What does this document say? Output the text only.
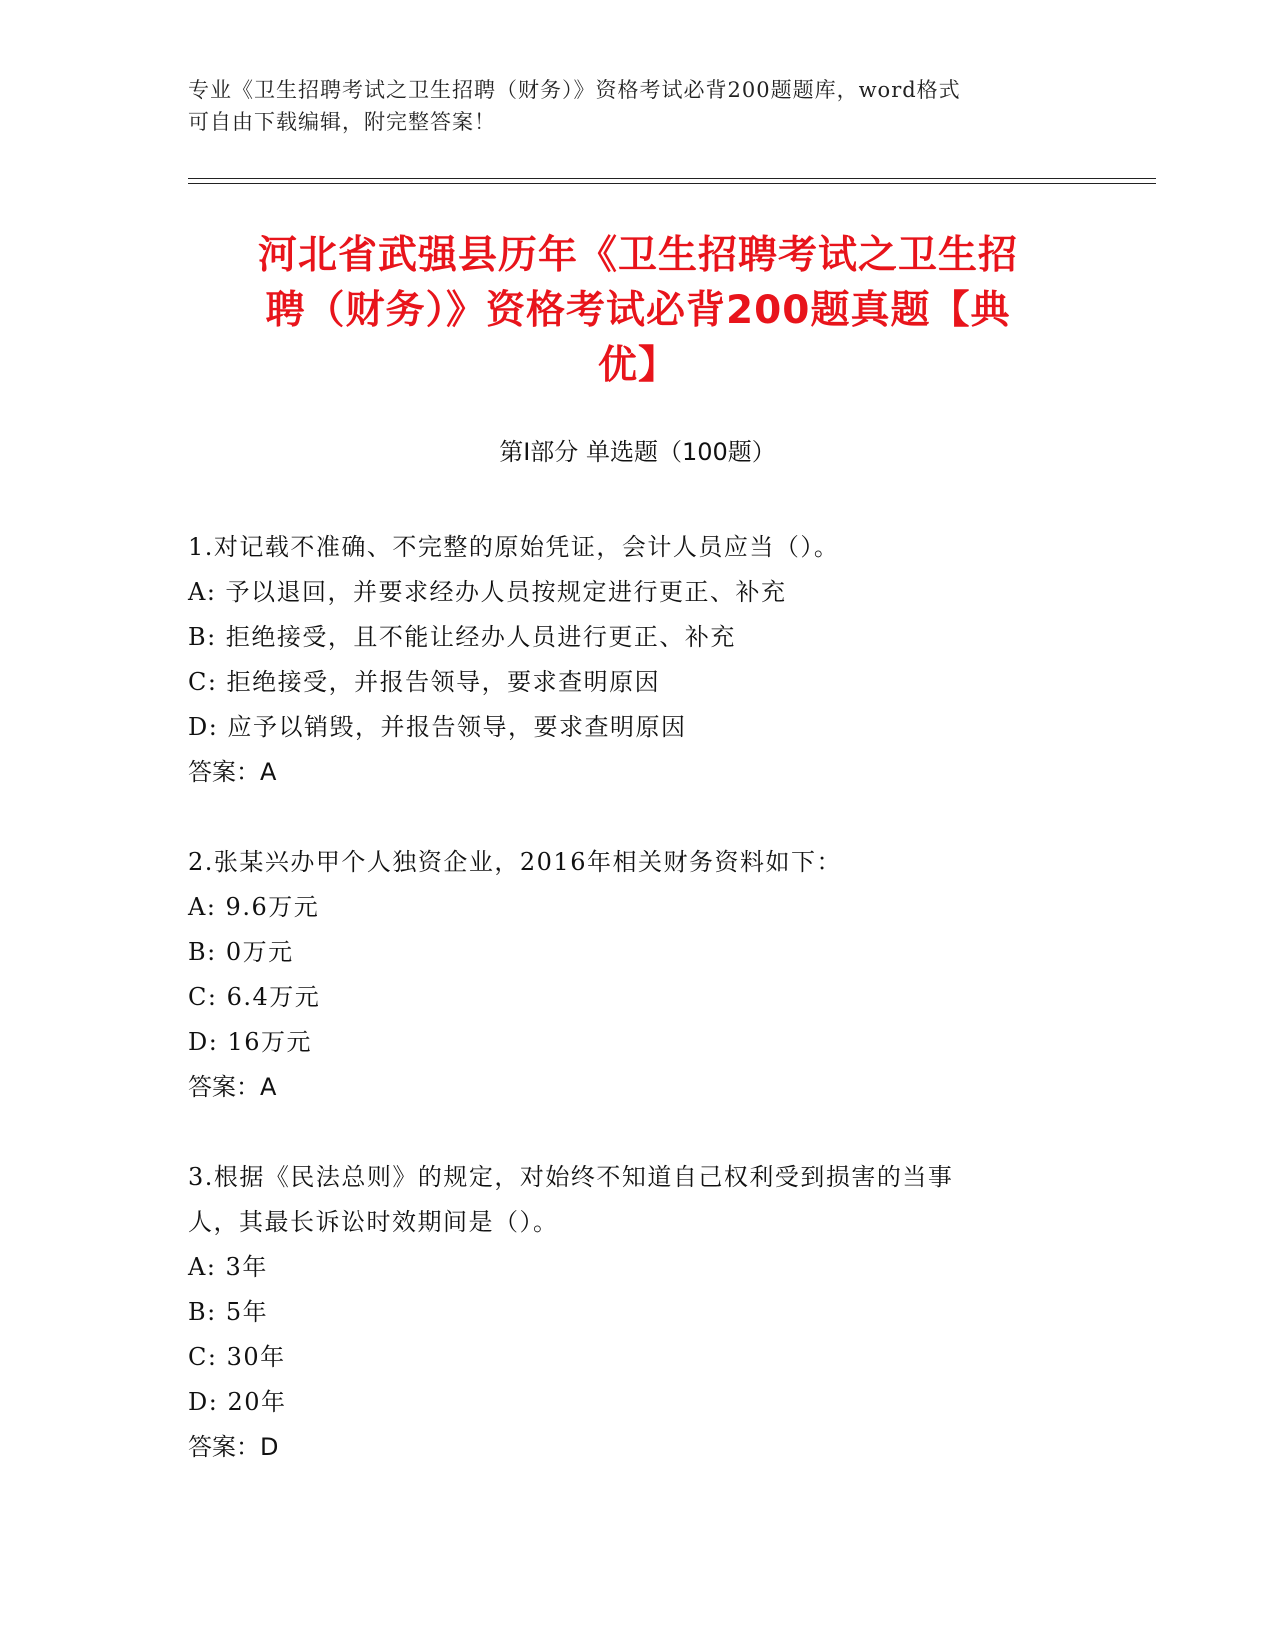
专业《卫生招聘考试之卫生招聘（财务）》资格考试必背200题题库，word格式
可自由下载编辑，附完整答案！
河北省武强县历年《卫生招聘考试之卫生招
聘（财务）》资格考试必背200题真题【典
优】
第Ⅰ部分 单选题（100题）

1.对记载不准确、不完整的原始凭证，会计人员应当（）。

A: 予以退回，并要求经办人员按规定进行更正、补充

B: 拒绝接受，且不能让经办人员进行更正、补充

C: 拒绝接受，并报告领导，要求查明原因

D: 应予以销毁，并报告领导，要求查明原因

答案：A

2.张某兴办甲个人独资企业，2016年相关财务资料如下：

A: 9.6万元

B: 0万元

C: 6.4万元

D: 16万元

答案：A

3.根据《民法总则》的规定，对始终不知道自己权利受到损害的当事

人，其最长诉讼时效期间是（）。

A: 3年

B: 5年

C: 30年

D: 20年

答案：D
